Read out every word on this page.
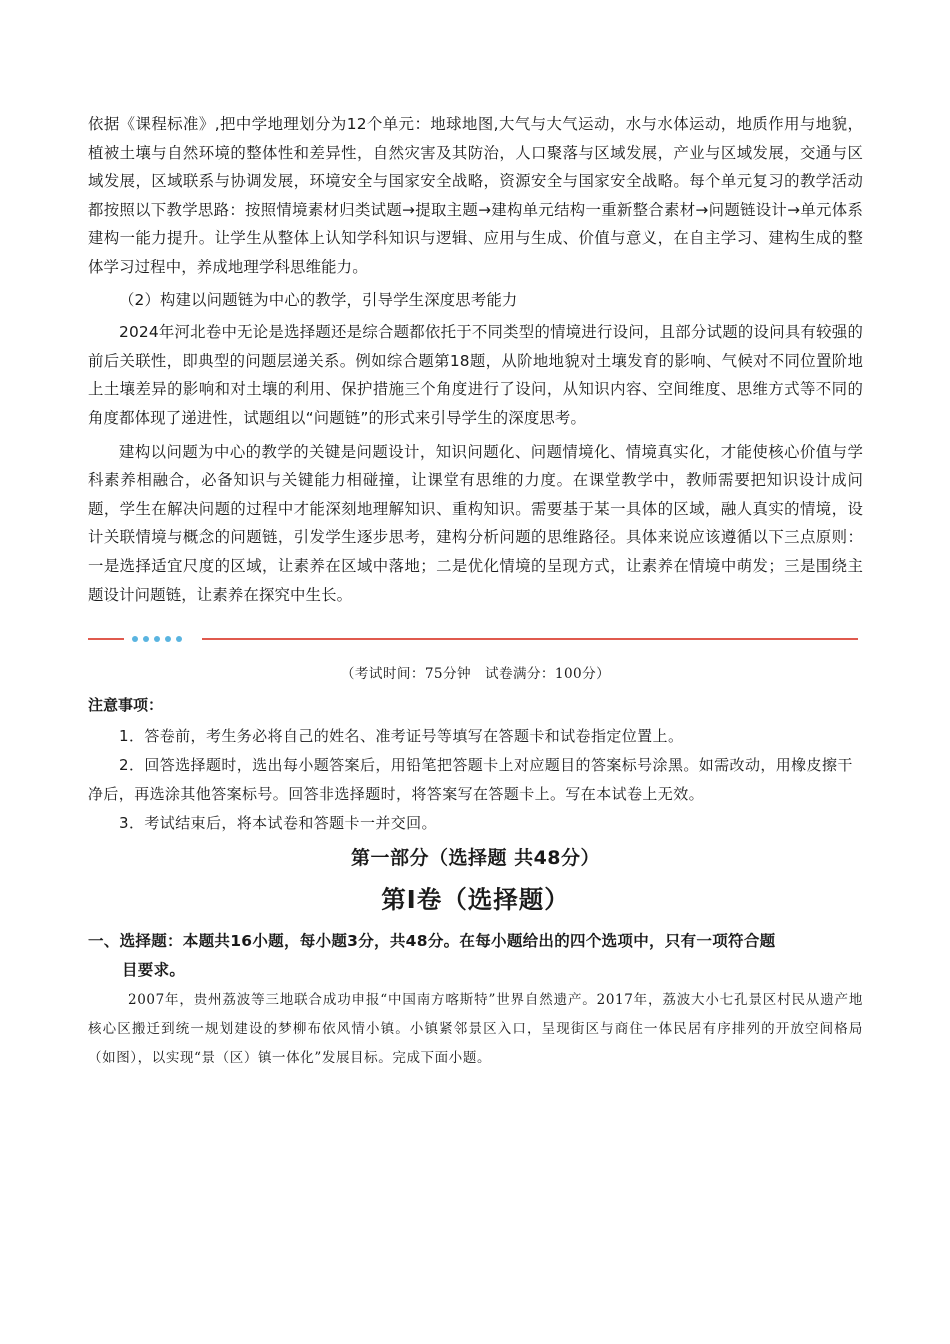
依据《课程标准》,把中学地理划分为12个单元：地球地图,大气与大气运动，水与水体运动，地质作用与地貌，植被土壤与自然环境的整体性和差异性，自然灾害及其防治，人口聚落与区域发展，产业与区域发展，交通与区域发展，区域联系与协调发展，环境安全与国家安全战略，资源安全与国家安全战略。每个单元复习的教学活动都按照以下教学思路：按照情境素材归类试题→提取主题→建构单元结构一重新整合素材→问题链设计→单元体系建构一能力提升。让学生从整体上认知学科知识与逻辑、应用与生成、价值与意义，在自主学习、建构生成的整体学习过程中，养成地理学科思维能力。

（2）构建以问题链为中心的教学，引导学生深度思考能力

2024年河北卷中无论是选择题还是综合题都依托于不同类型的情境进行设问，且部分试题的设问具有较强的前后关联性，即典型的问题层递关系。例如综合题第18题，从阶地地貌对土壤发育的影响、气候对不同位置阶地上土壤差异的影响和对土壤的利用、保护措施三个角度进行了设问，从知识内容、空间维度、思维方式等不同的角度都体现了递进性，试题组以“问题链”的形式来引导学生的深度思考。

建构以问题为中心的教学的关键是问题设计，知识问题化、问题情境化、情境真实化，才能使核心价值与学科素养相融合，必备知识与关键能力相碰撞，让课堂有思维的力度。在课堂教学中，教师需要把知识设计成问题，学生在解决问题的过程中才能深刻地理解知识、重构知识。需要基于某一具体的区域，融人真实的情境，设计关联情境与概念的问题链，引发学生逐步思考，建构分析问题的思维路径。具体来说应该遵循以下三点原则：一是选择适宜尺度的区域，让素养在区域中落地；二是优化情境的呈现方式，让素养在情境中萌发；三是围绕主题设计问题链，让素养在探究中生长。

（考试时间：75分钟　试卷满分：100分）

注意事项：

1．答卷前，考生务必将自己的姓名、准考证号等填写在答题卡和试卷指定位置上。

2．回答选择题时，选出每小题答案后，用铅笔把答题卡上对应题目的答案标号涂黑。如需改动，用橡皮擦干净后，再选涂其他答案标号。回答非选择题时，将答案写在答题卡上。写在本试卷上无效。

3．考试结束后，将本试卷和答题卡一并交回。

第一部分（选择题 共48分）
第Ⅰ卷（选择题）

一、选择题：本题共16小题，每小题3分，共48分。在每小题给出的四个选项中，只有一项符合题

目要求。

2007年，贵州荔波等三地联合成功申报“中国南方喀斯特”世界自然遗产。2017年，荔波大小七孔景区村民从遗产地核心区搬迁到统一规划建设的梦柳布依风情小镇。小镇紧邻景区入口，呈现街区与商住一体民居有序排列的开放空间格局（如图），以实现“景（区）镇一体化”发展目标。完成下面小题。
